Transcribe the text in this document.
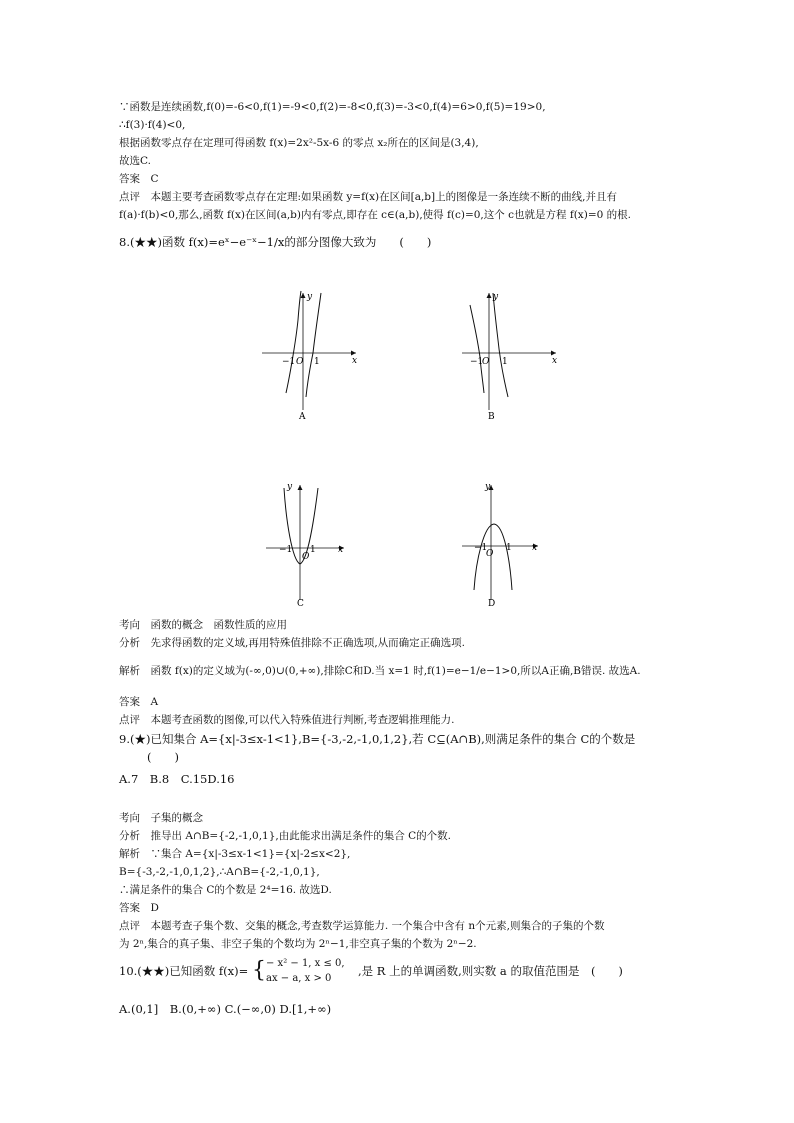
∵函数是连续函数,f(0)=-6<0,f(1)=-9<0,f(2)=-8<0,f(3)=-3<0,f(4)=6>0,f(5)=19>0,
∴f(3)·f(4)<0,
根据函数零点存在定理可得函数 f(x)=2x²-5x-6 的零点 x₂所在的区间是(3,4),
故选C.
答案　C
点评　本题主要考查函数零点存在定理:如果函数 y=f(x)在区间[a,b]上的图像是一条连续不断的曲线,并且有
f(a)·f(b)<0,那么,函数 f(x)在区间(a,b)内有零点,即存在 c∈(a,b),使得 f(c)=0,这个 c也就是方程 f(x)=0 的根.
8.(★★)函数 f(x)=eˣ−e⁻ˣ−1/x的部分图像大致为　　(　　)
y
x
O
−1 1
A
y
x
O
−1 1
B
y
x
O
−1 1
C
y
x
O
−1 1
D
考向　函数的概念　函数性质的应用
分析　先求得函数的定义域,再用特殊值排除不正确选项,从而确定正确选项.
解析　函数 f(x)的定义域为(-∞,0)∪(0,+∞),排除C和D.当 x=1 时,f(1)=e−1/e−1>0,所以A正确,B错误. 故选A.
答案　A
点评　本题考查函数的图像,可以代入特殊值进行判断,考查逻辑推理能力.
9.(★)已知集合 A={x|-3≤x-1<1},B={-3,-2,-1,0,1,2},若 C⊆(A∩B),则满足条件的集合 C的个数是
(　　)
A.7　B.8　C.15D.16
考向　子集的概念
分析　推导出 A∩B={-2,-1,0,1},由此能求出满足条件的集合 C的个数.
解析　∵集合 A={x|-3≤x-1<1}={x|-2≤x<2},
B={-3,-2,-1,0,1,2},∴A∩B={-2,-1,0,1},
∴满足条件的集合 C的个数是 2⁴=16. 故选D.
答案　D
点评　本题考查子集个数、交集的概念,考查数学运算能力. 一个集合中含有 n个元素,则集合的子集的个数
为 2ⁿ,集合的真子集、非空子集的个数均为 2ⁿ−1,非空真子集的个数为 2ⁿ−2.
10.(★★)已知函数 f(x)= { − x² − 1, x ≤ 0,
ax − a, x > 0
,是 R 上的单调函数,则实数 a 的取值范围是　(　　)
A.(0,1]　B.(0,+∞) C.(−∞,0) D.[1,+∞)
